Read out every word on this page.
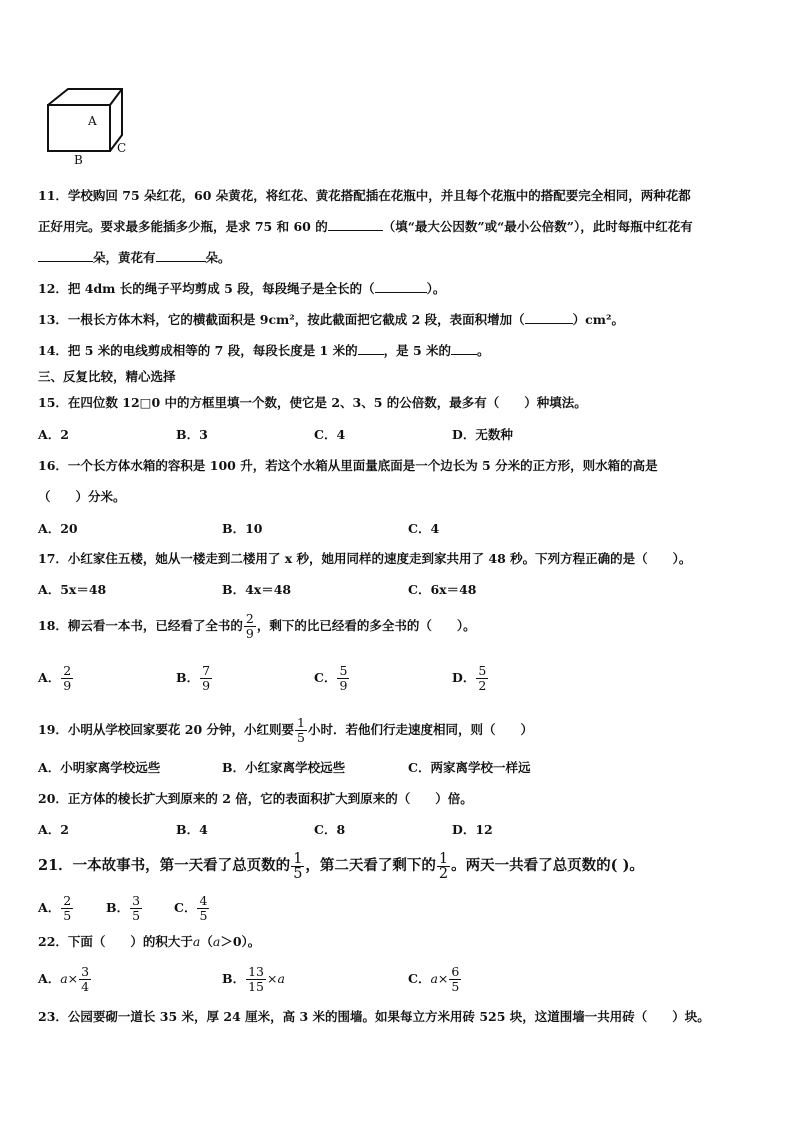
A
B
C
11．学校购回 75 朵红花，60 朵黄花，将红花、黄花搭配插在花瓶中，并且每个花瓶中的搭配要完全相同，两种花都
正好用完。要求最多能插多少瓶，是求 75 和 60 的	（填“最大公因数”或“最小公倍数”），此时每瓶中红花有
朵，黄花有	朵。
12．把 4dm 长的绳子平均剪成 5 段，每段绳子是全长的（	）。
13．一根长方体木料，它的横截面积是 9cm²，按此截面把它截成 2 段，表面积增加（	）cm²。
14．把 5 米的电线剪成相等的 7 段，每段长度是 1 米的 ，是 5 米的 。
三、反复比较，精心选择
15．在四位数 12□0 中的方框里填一个数，使它是 2、3、5 的公倍数，最多有（　　）种填法。
A．2	B．3	C．4	D．无数种
16．一个长方体水箱的容积是 100 升，若这个水箱从里面量底面是一个边长为 5 分米的正方形，则水箱的高是
（　　）分米。
A．20	B．10	C．4
17．小红家住五楼，她从一楼走到二楼用了 x 秒，她用同样的速度走到家共用了 48 秒。下列方程正确的是（　　）。
A．5x＝48	B．4x＝48	C．6x＝48
18．柳云看一本书，已经看了全书的 $\frac{2}{9}$ ，剩下的比已经看的多全书的（　　）。
A． $\frac{2}{9}$	B． $\frac{7}{9}$	C． $\frac{5}{9}$	D． $\frac{5}{2}$
19．小明从学校回家要花 20 分钟，小红则要 $\frac{1}{5}$ 小时．若他们行走速度相同，则（　　）
A．小明家离学校远些	B．小红家离学校远些	C．两家离学校一样远
20．正方体的棱长扩大到原来的 2 倍，它的表面积扩大到原来的（　　）倍。
A．2	B．4	C．8	D．12
21．一本故事书，第一天看了总页数的 $\frac{1}{5}$ ，第二天看了剩下的 $\frac{1}{2}$ 。两天一共看了总页数的( )。
A． $\frac{2}{5}$	B． $\frac{3}{5}$	C． $\frac{4}{5}$
22．下面（　　）的积大于a（a＞0）。
A．$a\times \frac{3}{4}$	B． $\frac{13}{15} \times a$	C．$a\times \frac{6}{5}$
23．公园要砌一道长 35 米，厚 24 厘米，高 3 米的围墙。如果每立方米用砖 525 块，这道围墙一共用砖（　　）块。
